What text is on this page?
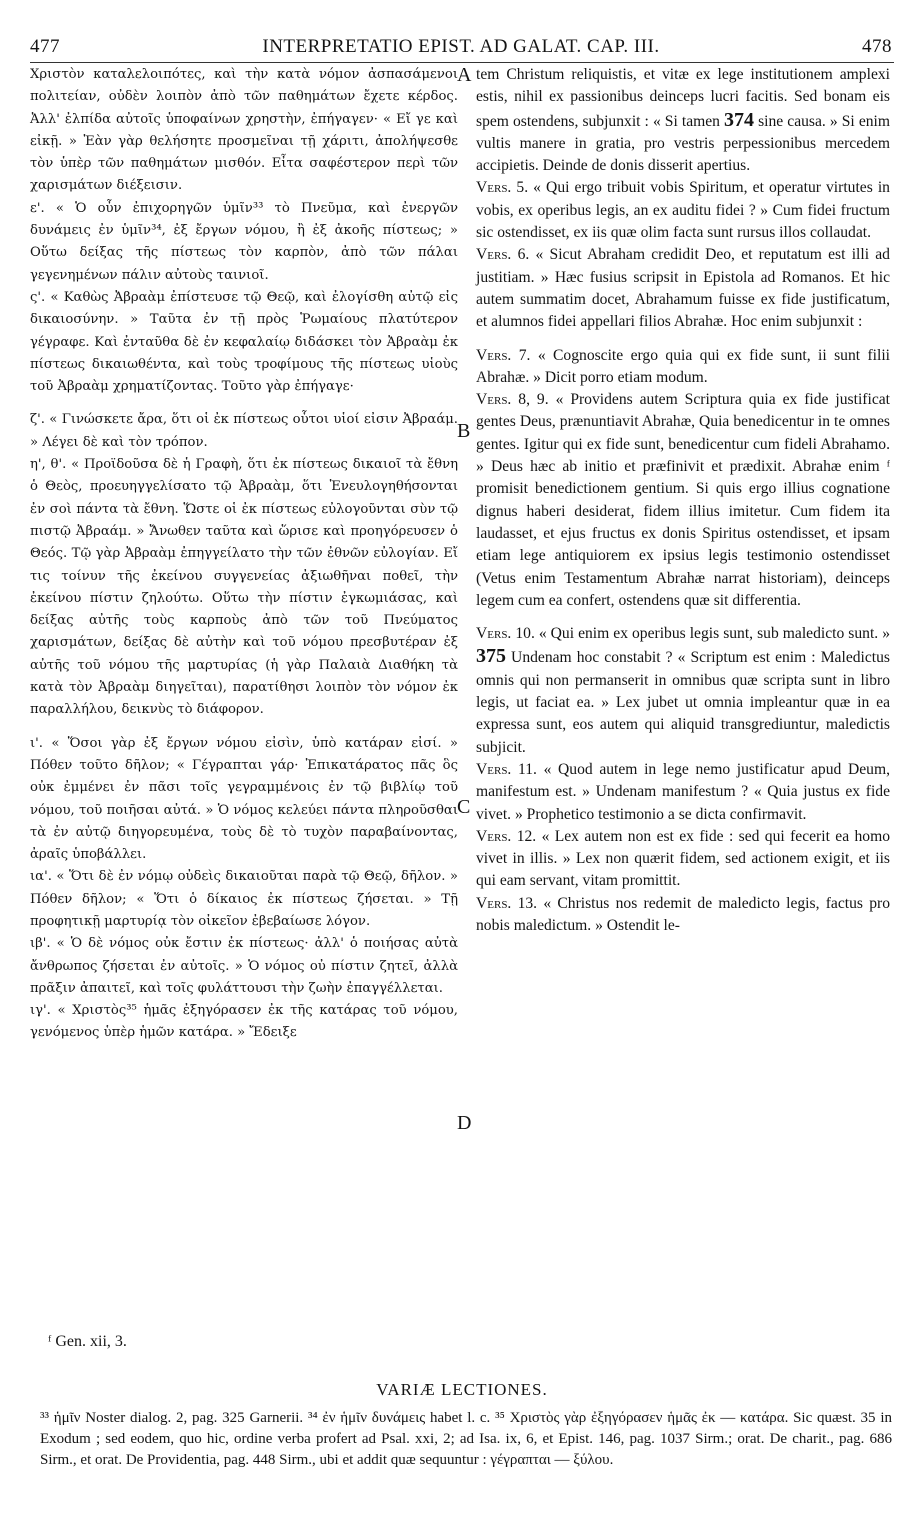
477	INTERPRETATIO EPIST. AD GALAT. CAP. III.	478

Χριστὸν καταλελοιπότες, καὶ τὴν κατὰ νόμον ἀσπασάμενοι πολιτείαν, οὐδὲν λοιπὸν ἀπὸ τῶν παθημάτων ἔχετε κέρδος. Ἀλλ' ἐλπίδα αὐτοῖς ὑποφαίνων χρηστὴν, ἐπήγαγεν· « Εἴ γε καὶ εἰκῇ. » Ἐὰν γὰρ θελήσητε προσμεῖναι τῇ χάριτι, ἀπολήψεσθε τὸν ὑπὲρ τῶν παθημάτων μισθόν. Εἶτα σαφέστερον περὶ τῶν χαρισμάτων διέξεισιν.

ε'. « Ὁ οὖν ἐπιχορηγῶν ὑμῖν³³ τὸ Πνεῦμα, καὶ ἐνεργῶν δυνάμεις ἐν ὑμῖν³⁴, ἐξ ἔργων νόμου, ἢ ἐξ ἀκοῆς πίστεως; » Οὕτω δείξας τῆς πίστεως τὸν καρπὸν, ἀπὸ τῶν πάλαι γεγενημένων πάλιν αὐτοὺς ταινιοῖ.

ς'. « Καθὼς Ἀβραὰμ ἐπίστευσε τῷ Θεῷ, καὶ ἐλογίσθη αὐτῷ εἰς δικαιοσύνην. » Ταῦτα ἐν τῇ πρὸς Ῥωμαίους πλατύτερον γέγραφε. Καὶ ἐνταῦθα δὲ ἐν κεφαλαίῳ διδάσκει τὸν Ἀβραὰμ ἐκ πίστεως δικαιωθέντα, καὶ τοὺς τροφίμους τῆς πίστεως υἱοὺς τοῦ Ἀβραὰμ χρηματίζοντας. Τοῦτο γὰρ ἐπήγαγε·

ζ'. « Γινώσκετε ἄρα, ὅτι οἱ ἐκ πίστεως οὗτοι υἱοί εἰσιν Ἀβραάμ. » Λέγει δὲ καὶ τὸν τρόπον.

η', θ'. « Προϊδοῦσα δὲ ἡ Γραφὴ, ὅτι ἐκ πίστεως δικαιοῖ τὰ ἔθνη ὁ Θεὸς, προευηγγελίσατο τῷ Ἀβραὰμ, ὅτι Ἐνευλογηθήσονται ἐν σοὶ πάντα τὰ ἔθνη. Ὥστε οἱ ἐκ πίστεως εὐλογοῦνται σὺν τῷ πιστῷ Ἀβραάμ. » Ἄνωθεν ταῦτα καὶ ὥρισε καὶ προηγόρευσεν ὁ Θεός. Τῷ γὰρ Ἀβραὰμ ἐπηγγείλατο τὴν τῶν ἐθνῶν εὐλογίαν. Εἴ τις τοίνυν τῆς ἐκείνου συγγενείας ἀξιωθῆναι ποθεῖ, τὴν ἐκείνου πίστιν ζηλούτω. Οὕτω τὴν πίστιν ἐγκωμιάσας, καὶ δείξας αὐτῆς τοὺς καρποὺς ἀπὸ τῶν τοῦ Πνεύματος χαρισμάτων, δείξας δὲ αὐτὴν καὶ τοῦ νόμου πρεσβυτέραν ἐξ αὐτῆς τοῦ νόμου τῆς μαρτυρίας (ἡ γὰρ Παλαιὰ Διαθήκη τὰ κατὰ τὸν Ἀβραὰμ διηγεῖται), παρατίθησι λοιπὸν τὸν νόμον ἐκ παραλλήλου, δεικνὺς τὸ διάφορον.

ι'. « Ὅσοι γὰρ ἐξ ἔργων νόμου εἰσὶν, ὑπὸ κατάραν εἰσί. » Πόθεν τοῦτο δῆλον; « Γέγραπται γάρ· Ἐπικατάρατος πᾶς ὃς οὐκ ἐμμένει ἐν πᾶσι τοῖς γεγραμμένοις ἐν τῷ βιβλίῳ τοῦ νόμου, τοῦ ποιῆσαι αὐτά. » Ὁ νόμος κελεύει πάντα πληροῦσθαι τὰ ἐν αὐτῷ διηγορευμένα, τοὺς δὲ τὸ τυχὸν παραβαίνοντας, ἀραῖς ὑποβάλλει.

ια'. « Ὅτι δὲ ἐν νόμῳ οὐδεὶς δικαιοῦται παρὰ τῷ Θεῷ, δῆλον. » Πόθεν δῆλον; « Ὅτι ὁ δίκαιος ἐκ πίστεως ζήσεται. » Τῇ προφητικῇ μαρτυρίᾳ τὸν οἰκεῖον ἐβεβαίωσε λόγον.

ιβ'. « Ὁ δὲ νόμος οὐκ ἔστιν ἐκ πίστεως· ἀλλ' ὁ ποιήσας αὐτὰ ἄνθρωπος ζήσεται ἐν αὐτοῖς. » Ὁ νόμος οὐ πίστιν ζητεῖ, ἀλλὰ πρᾶξιν ἀπαιτεῖ, καὶ τοῖς φυλάττουσι τὴν ζωὴν ἐπαγγέλλεται.

ιγ'. « Χριστὸς³⁵ ἡμᾶς ἐξηγόρασεν ἐκ τῆς κατάρας τοῦ νόμου, γενόμενος ὑπὲρ ἡμῶν κατάρα. » Ἔδειξε

A
B
C
D

tem Christum reliquistis, et vitæ ex lege institutionem amplexi estis, nihil ex passionibus deinceps lucri facitis. Sed bonam eis spem ostendens, subjunxit : « Si tamen 374 sine causa. » Si enim vultis manere in gratia, pro vestris perpessionibus mercedem accipietis. Deinde de donis disserit apertius.

Vers. 5. « Qui ergo tribuit vobis Spiritum, et operatur virtutes in vobis, ex operibus legis, an ex auditu fidei ? » Cum fidei fructum sic ostendisset, ex iis quæ olim facta sunt rursus illos collaudat.

Vers. 6. « Sicut Abraham credidit Deo, et reputatum est illi ad justitiam. » Hæc fusius scripsit in Epistola ad Romanos. Et hic autem summatim docet, Abrahamum fuisse ex fide justificatum, et alumnos fidei appellari filios Abrahæ. Hoc enim subjunxit :

Vers. 7. « Cognoscite ergo quia qui ex fide sunt, ii sunt filii Abrahæ. » Dicit porro etiam modum.

Vers. 8, 9. « Providens autem Scriptura quia ex fide justificat gentes Deus, prænuntiavit Abrahæ, Quia benedicentur in te omnes gentes. Igitur qui ex fide sunt, benedicentur cum fideli Abrahamo. » Deus hæc ab initio et præfinivit et prædixit. Abrahæ enim ᶠ promisit benedictionem gentium. Si quis ergo illius cognatione dignus haberi desiderat, fidem illius imitetur. Cum fidem ita laudasset, et ejus fructus ex donis Spiritus ostendisset, et ipsam etiam lege antiquiorem ex ipsius legis testimonio ostendisset (Vetus enim Testamentum Abrahæ narrat historiam), deinceps legem cum ea confert, ostendens quæ sit differentia.

Vers. 10. « Qui enim ex operibus legis sunt, sub maledicto sunt. » 375 Undenam hoc constabit ? « Scriptum est enim : Maledictus omnis qui non permanserit in omnibus quæ scripta sunt in libro legis, ut faciat ea. » Lex jubet ut omnia impleantur quæ in ea expressa sunt, eos autem qui aliquid transgrediuntur, maledictis subjicit.

Vers. 11. « Quod autem in lege nemo justificatur apud Deum, manifestum est. » Undenam manifestum ? « Quia justus ex fide vivet. » Prophetico testimonio a se dicta confirmavit.

Vers. 12. « Lex autem non est ex fide : sed qui fecerit ea homo vivet in illis. » Lex non quærit fidem, sed actionem exigit, et iis qui eam servant, vitam promittit.

Vers. 13. « Christus nos redemit de maledicto legis, factus pro nobis maledictum. » Ostendit le-

ᶠ Gen. xii, 3.
VARIÆ LECTIONES.
³³ ἡμῖν Noster dialog. 2, pag. 325 Garnerii. ³⁴ ἐν ἡμῖν δυνάμεις habet l. c. ³⁵ Χριστὸς γὰρ ἐξηγόρασεν ἡμᾶς ἐκ — κατάρα. Sic quæst. 35 in Exodum ; sed eodem, quo hic, ordine verba profert ad Psal. xxi, 2; ad Isa. ix, 6, et Epist. 146, pag. 1037 Sirm.; orat. De charit., pag. 686 Sirm., et orat. De Providentia, pag. 448 Sirm., ubi et addit quæ sequuntur : γέγραπται — ξύλου.
